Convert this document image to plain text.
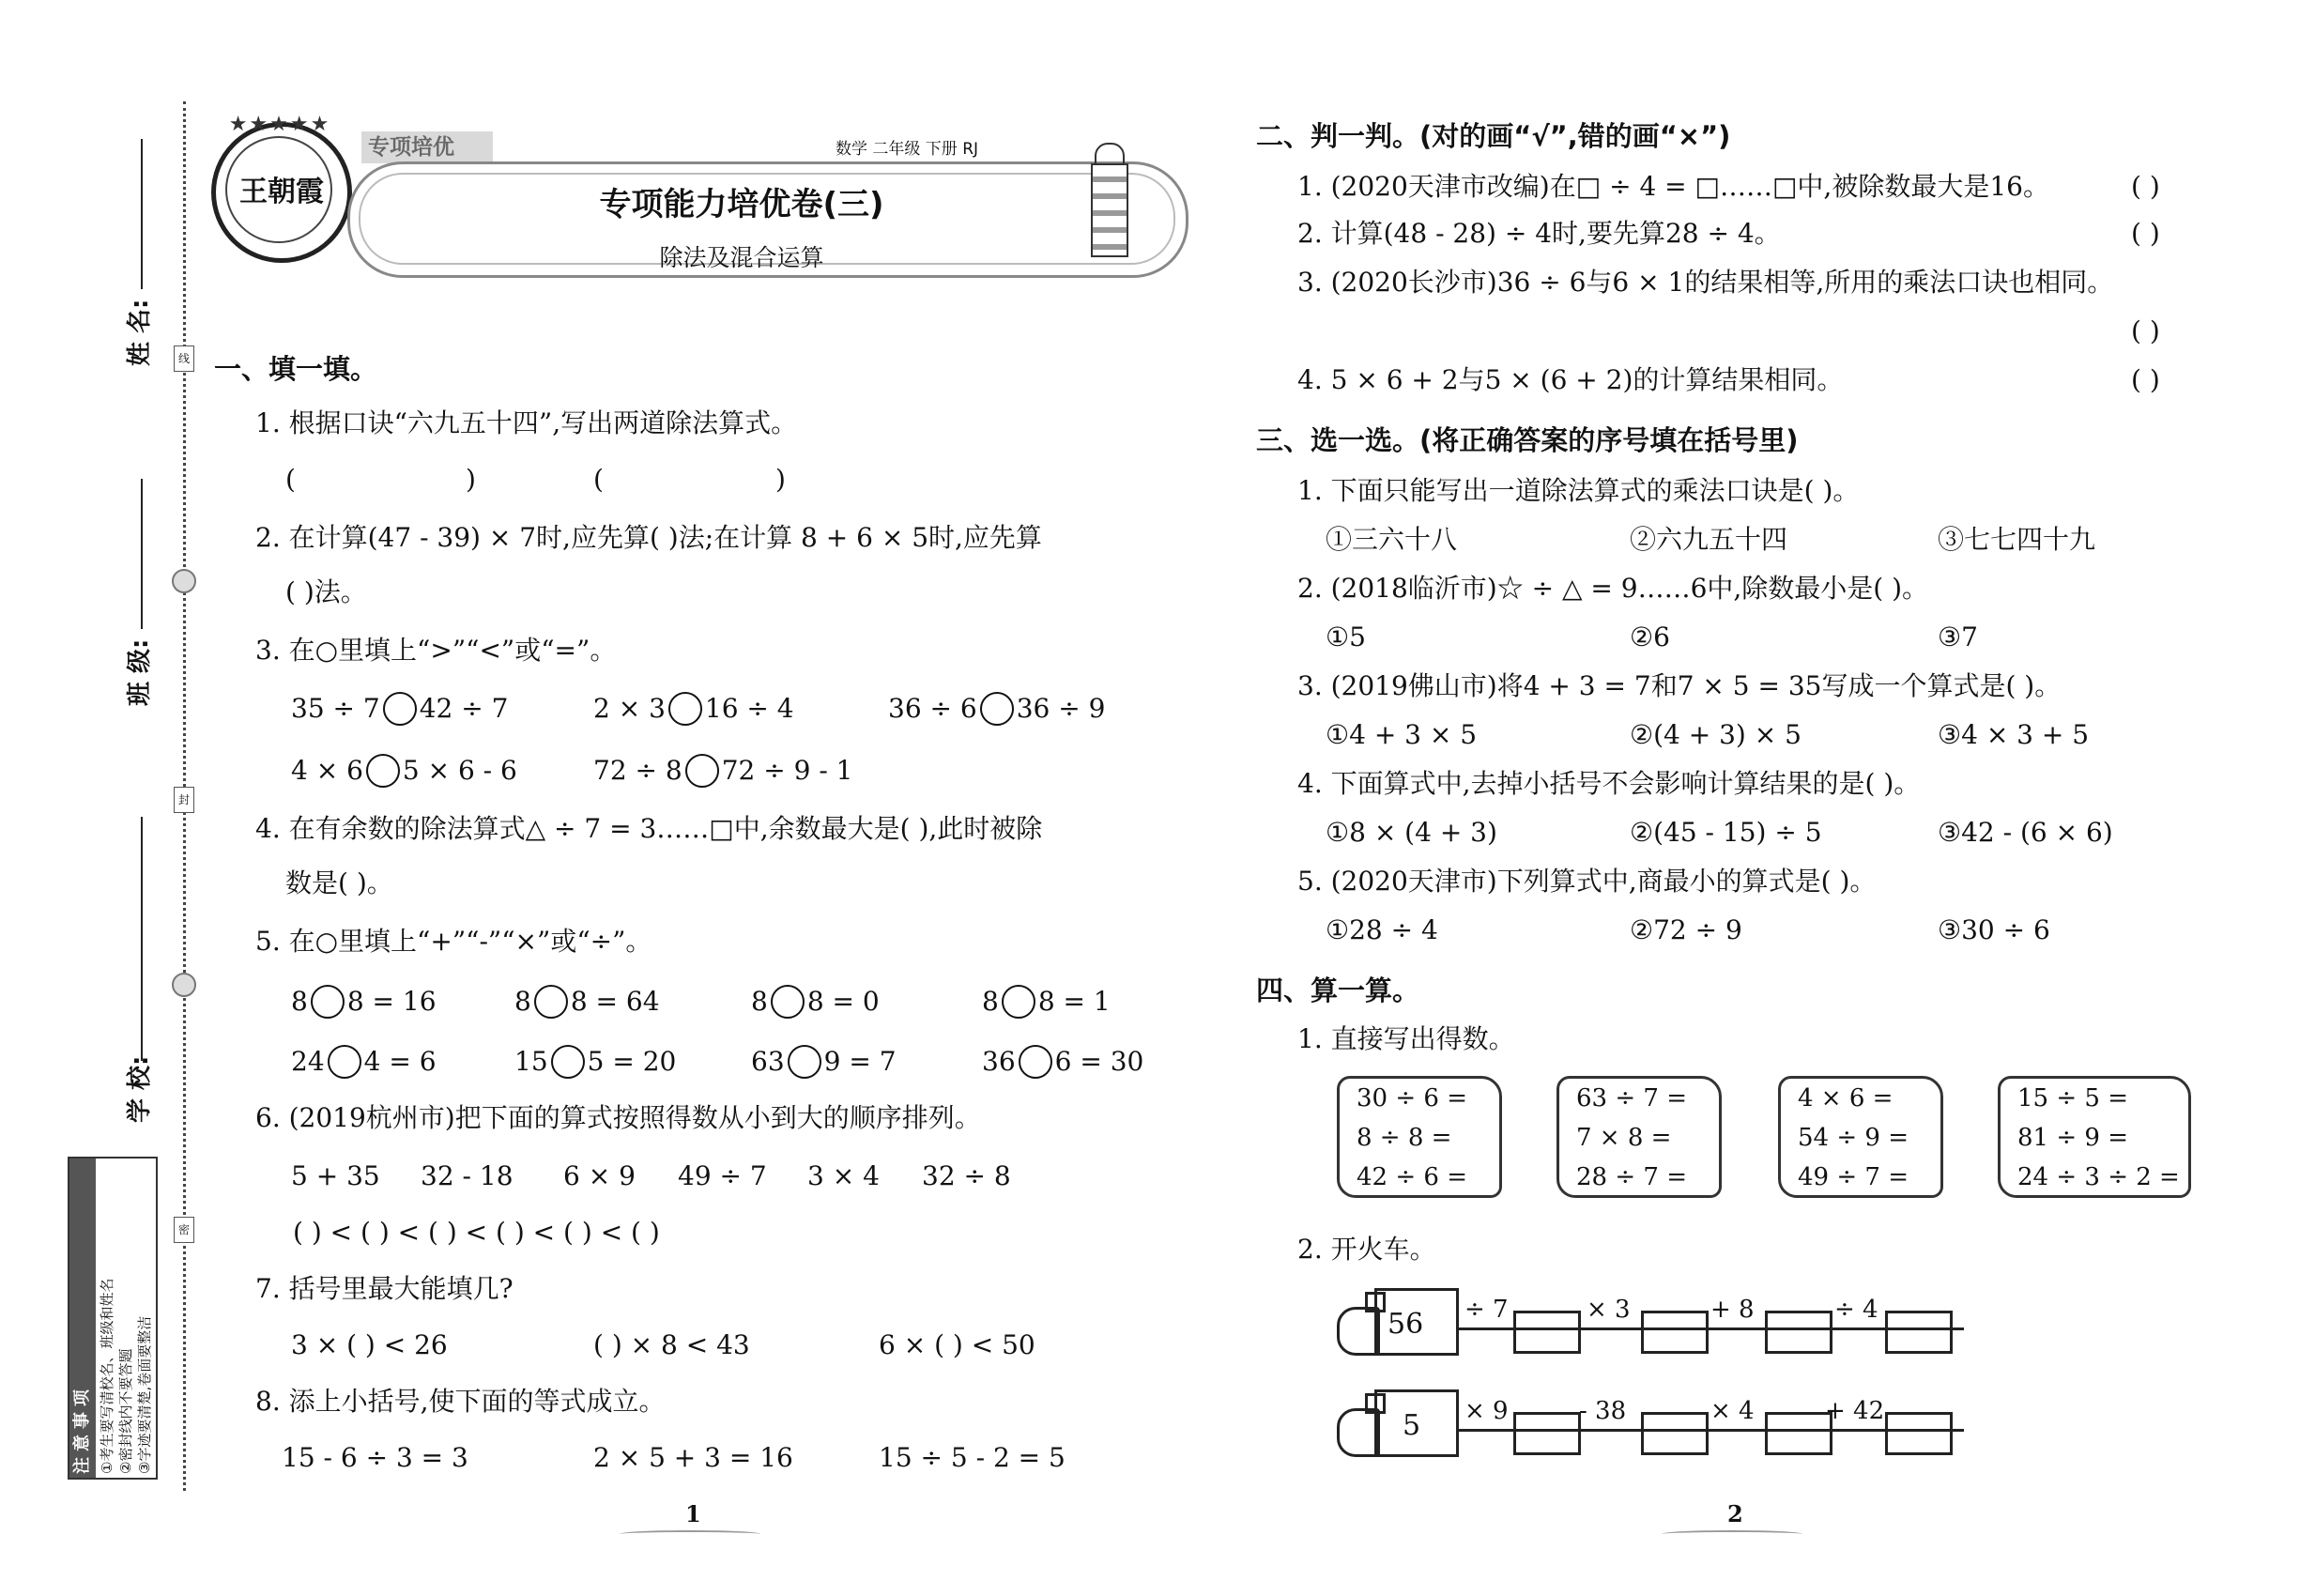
线
封
密
姓 名:
班 级:
学 校:
注意事项 ①考生要写清校名、班级和姓名 ②密封线内不要答题 ③字迹要清楚,卷面要整洁
王朝霞
★★★★★
专项培优	数学 二年级 下册 RJ
专项能力培优卷(三)
除法及混合运算
一、填一填。
1. 根据口诀“六九五十四”,写出两道除法算式。
(	)	(	)
2. 在计算(47 - 39) × 7时,应先算( )法;在计算 8 + 6 × 5时,应先算
( )法。
3. 在○里填上“>”“<”或“=”。
35 ÷ 7 42 ÷ 7	2 × 3 16 ÷ 4	36 ÷ 6 36 ÷ 9
4 × 6 5 × 6 - 6	72 ÷ 8 72 ÷ 9 - 1
4. 在有余数的除法算式△ ÷ 7 = 3……□中,余数最大是( ),此时被除
数是( )。
5. 在○里填上“+”“-”“×”或“÷”。
8 8 = 16	8 8 = 64	8 8 = 0	8 8 = 1
24 4 = 6	15 5 = 20	63 9 = 7	36 6 = 30
6. (2019杭州市)把下面的算式按照得数从小到大的顺序排列。
5 + 35 32 - 18 6 × 9 49 ÷ 7 3 × 4 32 ÷ 8
( ) < ( ) < ( ) < ( ) < ( ) < ( )
7. 括号里最大能填几?
3 × ( ) < 26	( ) × 8 < 43	6 × ( ) < 50
8. 添上小括号,使下面的等式成立。
15 - 6 ÷ 3 = 3	2 × 5 + 3 = 16	15 ÷ 5 - 2 = 5
1
二、判一判。(对的画“√”,错的画“×”)
1. (2020天津市改编)在□ ÷ 4 = □……□中,被除数最大是16。	( )
2. 计算(48 - 28) ÷ 4时,要先算28 ÷ 4。	( )
3. (2020长沙市)36 ÷ 6与6 × 1的结果相等,所用的乘法口诀也相同。
( )
4. 5 × 6 + 2与5 × (6 + 2)的计算结果相同。	( )
三、选一选。(将正确答案的序号填在括号里)
1. 下面只能写出一道除法算式的乘法口诀是( )。
①三六十八	②六九五十四	③七七四十九
2. (2018临沂市)☆ ÷ △ = 9……6中,除数最小是( )。
①5	②6	③7
3. (2019佛山市)将4 + 3 = 7和7 × 5 = 35写成一个算式是( )。
①4 + 3 × 5	②(4 + 3) × 5	③4 × 3 + 5
4. 下面算式中,去掉小括号不会影响计算结果的是( )。
①8 × (4 + 3)	②(45 - 15) ÷ 5	③42 - (6 × 6)
5. (2020天津市)下列算式中,商最小的算式是( )。
①28 ÷ 4	②72 ÷ 9	③30 ÷ 6
四、算一算。
1. 直接写出得数。
30 ÷ 6 =
8 ÷ 8 =
42 ÷ 6 =
63 ÷ 7 =
7 × 8 =
28 ÷ 7 =
4 × 6 =
54 ÷ 9 =
49 ÷ 7 =
15 ÷ 5 =
81 ÷ 9 =
24 ÷ 3 ÷ 2 =
2. 开火车。
56 ÷ 7	× 3	+ 8	÷ 4
5 × 9	- 38	× 4	+ 42
2
